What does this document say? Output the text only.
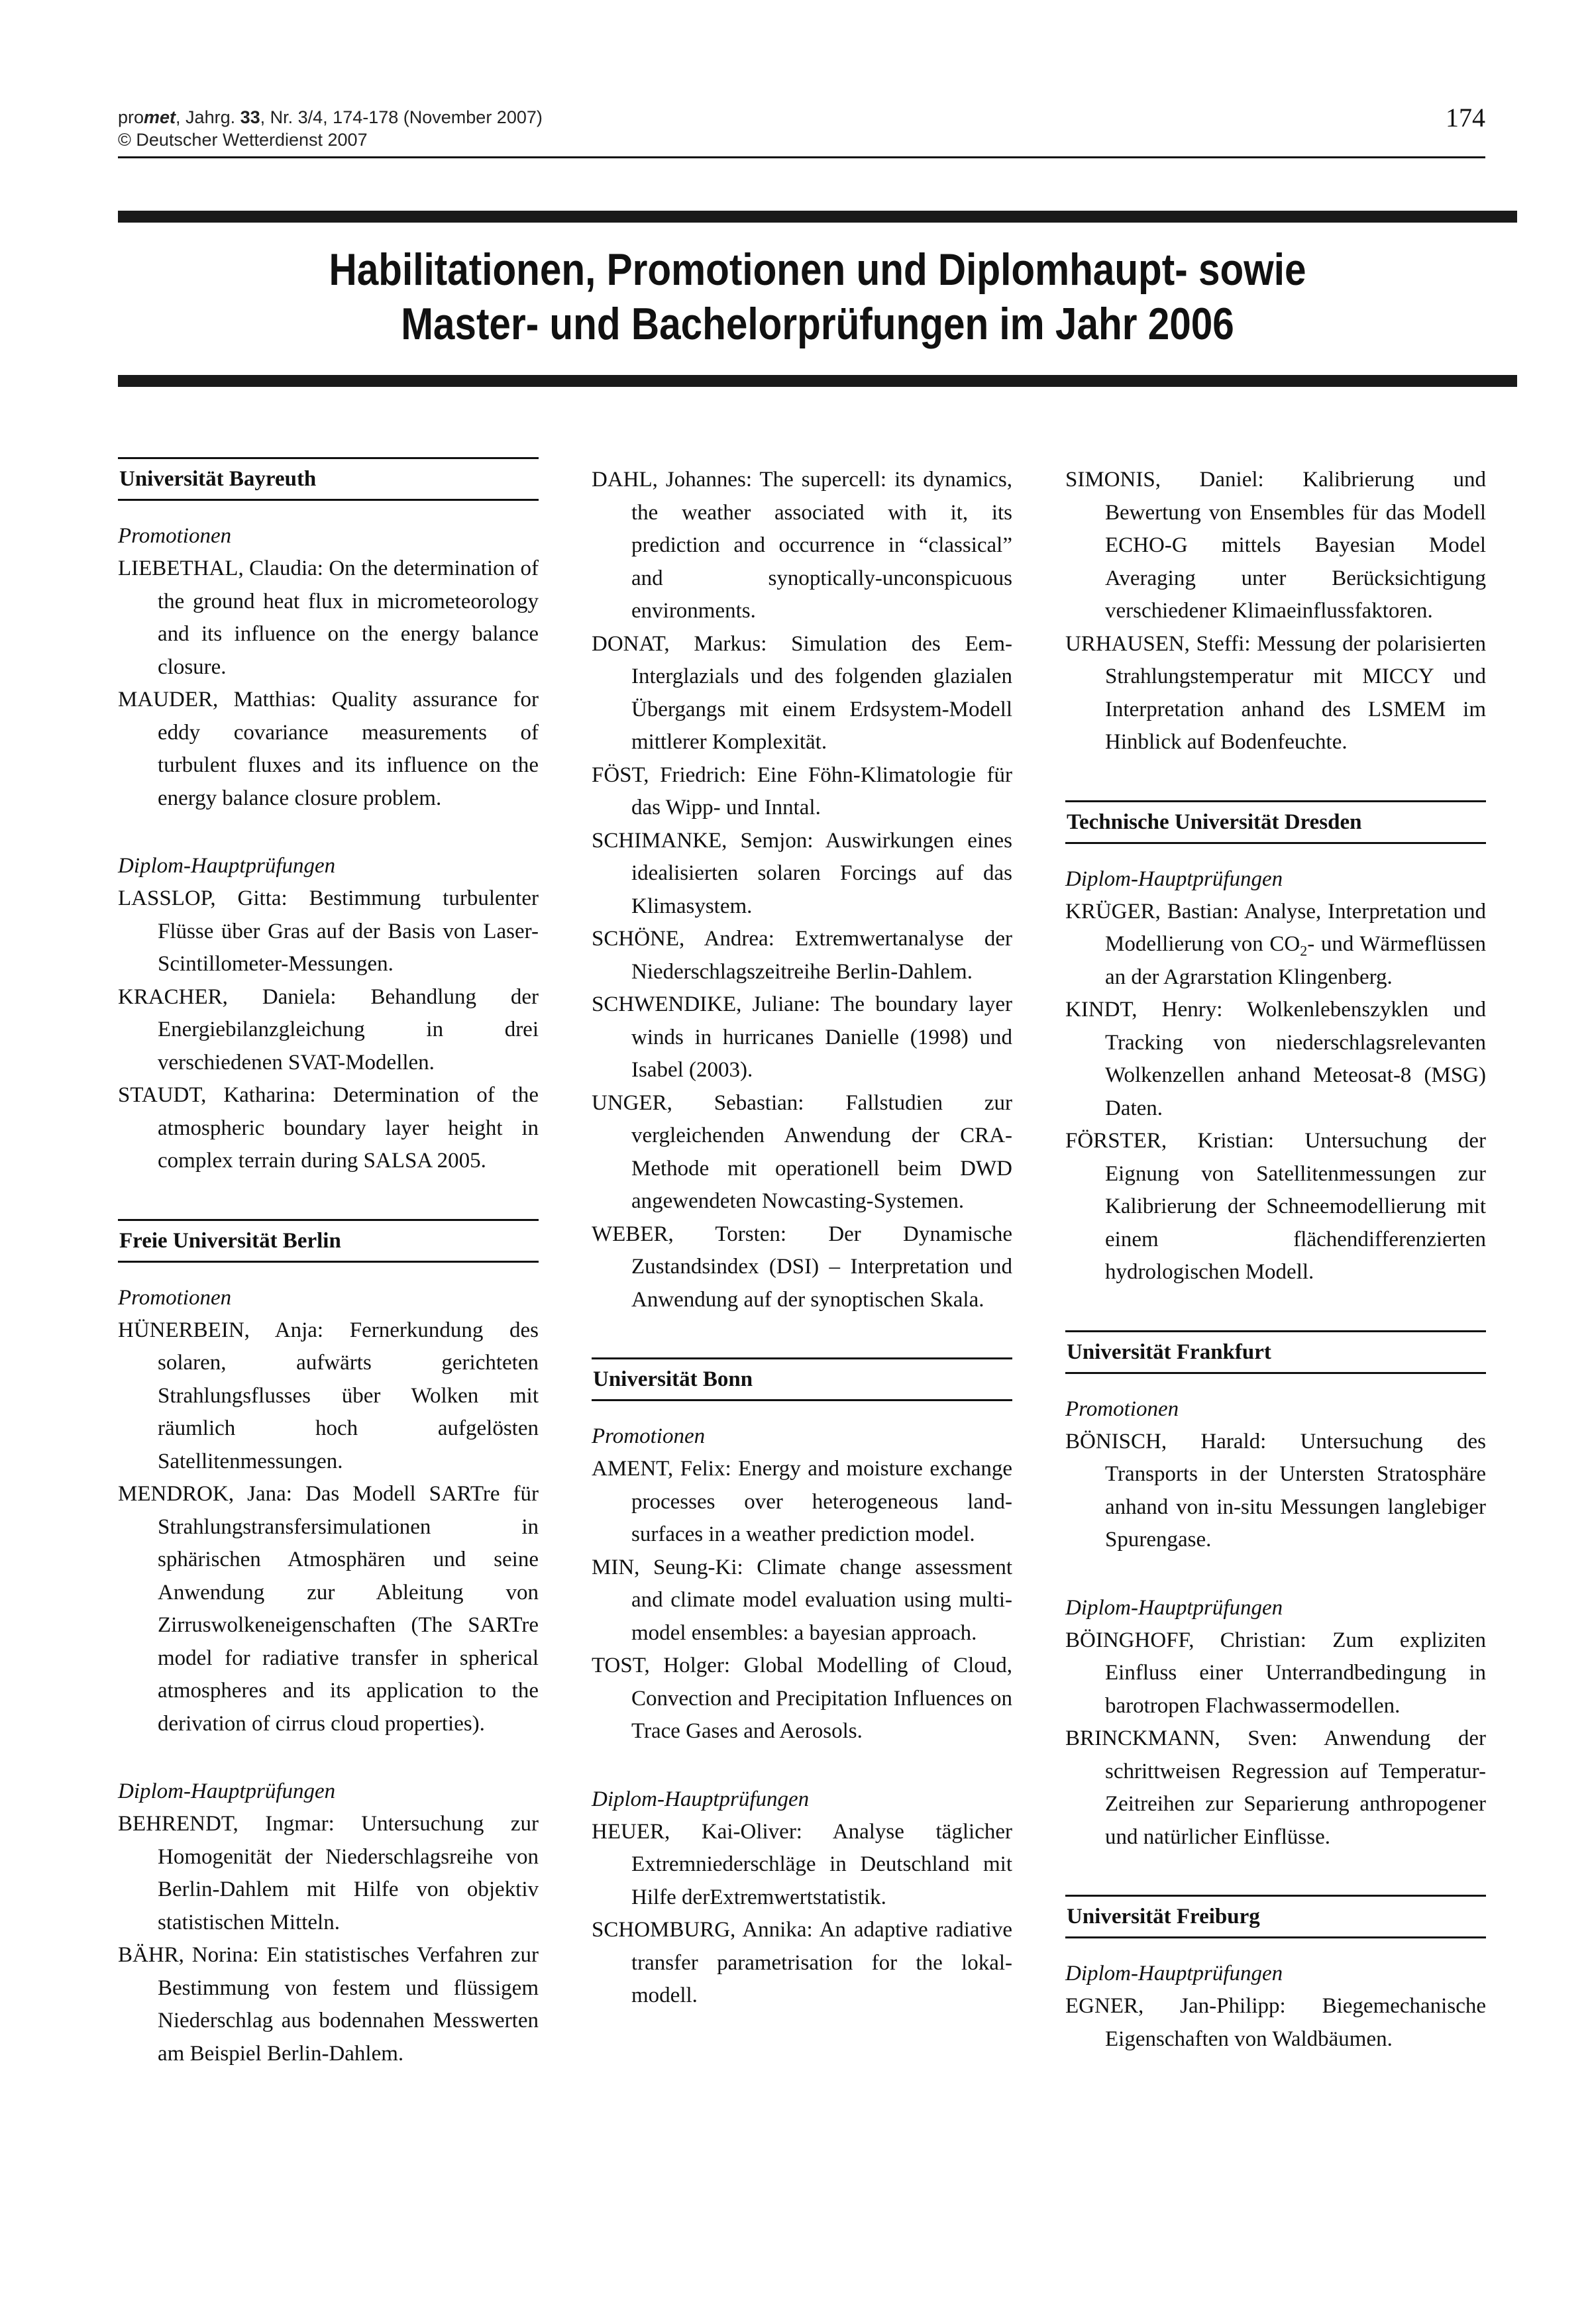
promet, Jahrg. 33, Nr. 3/4, 174-178 (November 2007)
© Deutscher Wetterdienst 2007
174
Habilitationen, Promotionen und Diplomhaupt- sowie
Master- und Bachelorprüfungen im Jahr 2006
Universität Bayreuth
Promotionen

LIEBETHAL, Claudia: On the determination of the ground heat flux in micrometeorology and its influence on the energy balance closure.

MAUDER, Matthias: Quality assurance for eddy covariance measurements of turbulent fluxes and its influence on the energy balance closure problem.

Diplom-Hauptprüfungen

LASSLOP, Gitta: Bestimmung turbulenter Flüsse über Gras auf der Basis von Laser-Scintillometer-Messungen.

KRACHER, Daniela: Behandlung der Energiebilanzgleichung in drei verschiedenen SVAT-Modellen.

STAUDT, Katharina: Determination of the atmospheric boundary layer height in complex terrain during SALSA 2005.

Freie Universität Berlin
Promotionen

HÜNERBEIN, Anja: Fernerkundung des solaren, aufwärts gerichteten Strahlungsflusses über Wolken mit räumlich hoch aufgelösten Satellitenmessungen.

MENDROK, Jana: Das Modell SARTre für Strahlungstransfersimulationen in sphärischen Atmosphären und seine Anwendung zur Ableitung von Zirruswolkeneigenschaften (The SARTre model for radiative transfer in spherical atmospheres and its application to the derivation of cirrus cloud properties).

Diplom-Hauptprüfungen

BEHRENDT, Ingmar: Untersuchung zur Homogenität der Niederschlagsreihe von Berlin-Dahlem mit Hilfe von objektiv statistischen Mitteln.

BÄHR, Norina: Ein statistisches Verfahren zur Bestimmung von festem und flüssigem Niederschlag aus bodennahen Messwerten am Beispiel Berlin-Dahlem.

DAHL, Johannes: The supercell: its dynamics, the weather associated with it, its prediction and occurrence in “classical” and synoptically-unconspicuous environments.

DONAT, Markus: Simulation des Eem-Interglazials und des folgenden glazialen Übergangs mit einem Erdsystem-Modell mittlerer Komplexität.

FÖST, Friedrich: Eine Föhn-Klimatologie für das Wipp- und Inntal.

SCHIMANKE, Semjon: Auswirkungen eines idealisierten solaren Forcings auf das Klimasystem.

SCHÖNE, Andrea: Extremwertanalyse der Niederschlagszeitreihe Berlin-Dahlem.

SCHWENDIKE, Juliane: The boundary layer winds in hurricanes Danielle (1998) und Isabel (2003).

UNGER, Sebastian: Fallstudien zur vergleichenden Anwendung der CRA-Methode mit operationell beim DWD angewendeten Nowcasting-Systemen.

WEBER, Torsten: Der Dynamische Zustandsindex (DSI) – Interpretation und Anwendung auf der synoptischen Skala.

Universität Bonn
Promotionen

AMENT, Felix: Energy and moisture exchange processes over heterogeneous land-surfaces in a weather prediction model.

MIN, Seung-Ki: Climate change assessment and climate model evaluation using multi-model ensembles: a bayesian approach.

TOST, Holger: Global Modelling of Cloud, Convection and Precipitation Influences on Trace Gases and Aerosols.

Diplom-Hauptprüfungen

HEUER, Kai-Oliver: Analyse täglicher Extremniederschläge in Deutschland mit Hilfe derExtremwertstatistik.

SCHOMBURG, Annika: An adaptive radiative transfer parametrisation for the lokal-modell.

SIMONIS, Daniel: Kalibrierung und Bewertung von Ensembles für das Modell ECHO-G mittels Bayesian Model Averaging unter Berücksichtigung verschiedener Klimaeinflussfaktoren.

URHAUSEN, Steffi: Messung der polarisierten Strahlungstemperatur mit MICCY und Interpretation anhand des LSMEM im Hinblick auf Bodenfeuchte.

Technische Universität Dresden
Diplom-Hauptprüfungen

KRÜGER, Bastian: Analyse, Interpretation und Modellierung von $CO_2-$ und Wärmeflüssen an der Agrarstation Klingenberg.

KINDT, Henry: Wolkenlebenszyklen und Tracking von niederschlagsrelevanten Wolkenzellen anhand Meteosat-8 (MSG) Daten.

FÖRSTER, Kristian: Untersuchung der Eignung von Satellitenmessungen zur Kalibrierung der Schneemodellierung mit einem flächendifferenzierten hydrologischen Modell.

Universität Frankfurt
Promotionen

BÖNISCH, Harald: Untersuchung des Transports in der Untersten Stratosphäre anhand von in-situ Messungen langlebiger Spurengase.

Diplom-Hauptprüfungen

BÖINGHOFF, Christian: Zum expliziten Einfluss einer Unterrandbedingung in barotropen Flachwassermodellen.

BRINCKMANN, Sven: Anwendung der schrittweisen Regression auf Temperatur-Zeitreihen zur Separierung anthropogener und natürlicher Einflüsse.

Universität Freiburg
Diplom-Hauptprüfungen

EGNER, Jan-Philipp: Biegemechanische Eigenschaften von Waldbäumen.
